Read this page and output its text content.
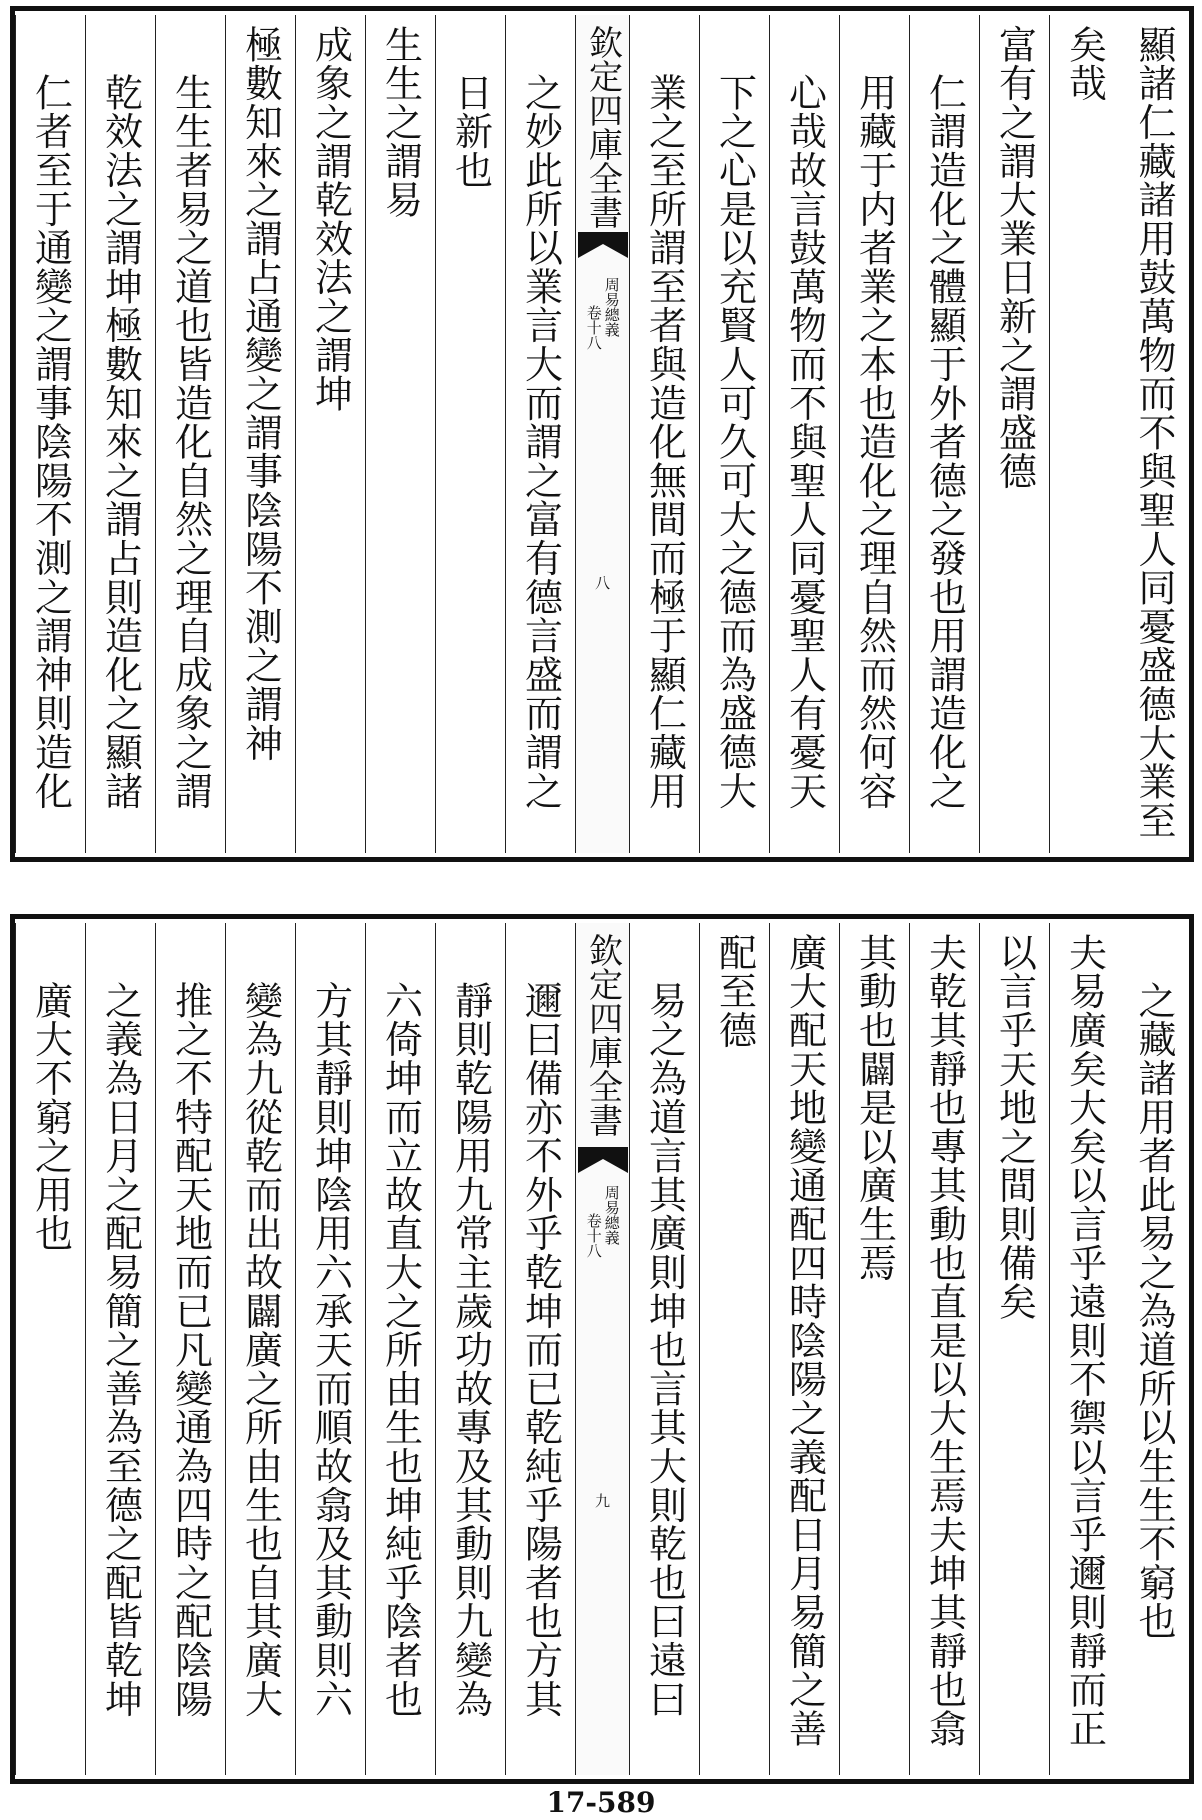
顯諸仁藏諸用鼓萬物而不與聖人同憂盛德大業至
矣哉
富有之謂大業日新之謂盛德
仁謂造化之體顯于外者德之發也用謂造化之
用藏于内者業之本也造化之理自然而然何容
心哉故言鼓萬物而不與聖人同憂聖人有憂天
下之心是以充賢人可久可大之德而為盛德大
業之至所謂至者與造化無間而極于顯仁藏用
欽定四庫全書
周易總義
卷十八
八
之妙此所以業言大而謂之富有德言盛而謂之
日新也
生生之謂易
成象之謂乾效法之謂坤
極數知來之謂占通變之謂事陰陽不測之謂神
生生者易之道也皆造化自然之理自成象之謂
乾效法之謂坤極數知來之謂占則造化之顯諸
仁者至于通變之謂事陰陽不測之謂神則造化
之藏諸用者此易之為道所以生生不窮也
夫易廣矣大矣以言乎遠則不禦以言乎邇則靜而正
以言乎天地之間則備矣
夫乾其靜也專其動也直是以大生焉夫坤其靜也翕
其動也闢是以廣生焉
廣大配天地變通配四時陰陽之義配日月易簡之善
配至德
易之為道言其廣則坤也言其大則乾也曰遠曰
欽定四庫全書
周易總義
卷十八
九
邇曰備亦不外乎乾坤而已乾純乎陽者也方其
靜則乾陽用九常主歲功故專及其動則九變為
六倚坤而立故直大之所由生也坤純乎陰者也
方其靜則坤陰用六承天而順故翕及其動則六
變為九從乾而出故闢廣之所由生也自其廣大
推之不特配天地而已凡變通為四時之配陰陽
之義為日月之配易簡之善為至德之配皆乾坤
廣大不窮之用也
17-589
